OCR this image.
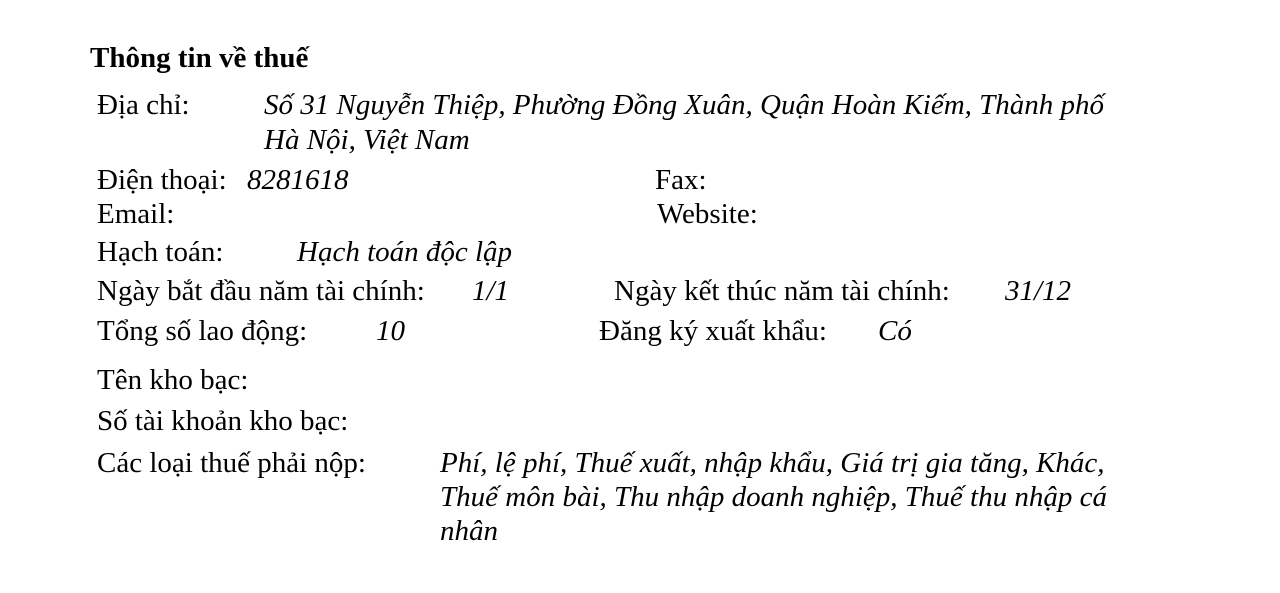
Thông tin về thuế
Địa chỉ:	Số 31 Nguyễn Thiệp, Phường Đồng Xuân, Quận Hoàn Kiếm, Thành phố
Hà Nội, Việt Nam
Điện thoại: 8281618	Fax:
Email:	Website:
Hạch toán:	Hạch toán độc lập
Ngày bắt đầu năm tài chính: 1/1	Ngày kết thúc năm tài chính: 31/12
Tổng số lao động: 10	Đăng ký xuất khẩu: Có
Tên kho bạc:
Số tài khoản kho bạc:
Các loại thuế phải nộp:	Phí, lệ phí, Thuế xuất, nhập khẩu, Giá trị gia tăng, Khác,
Thuế môn bài, Thu nhập doanh nghiệp, Thuế thu nhập cá
nhân
